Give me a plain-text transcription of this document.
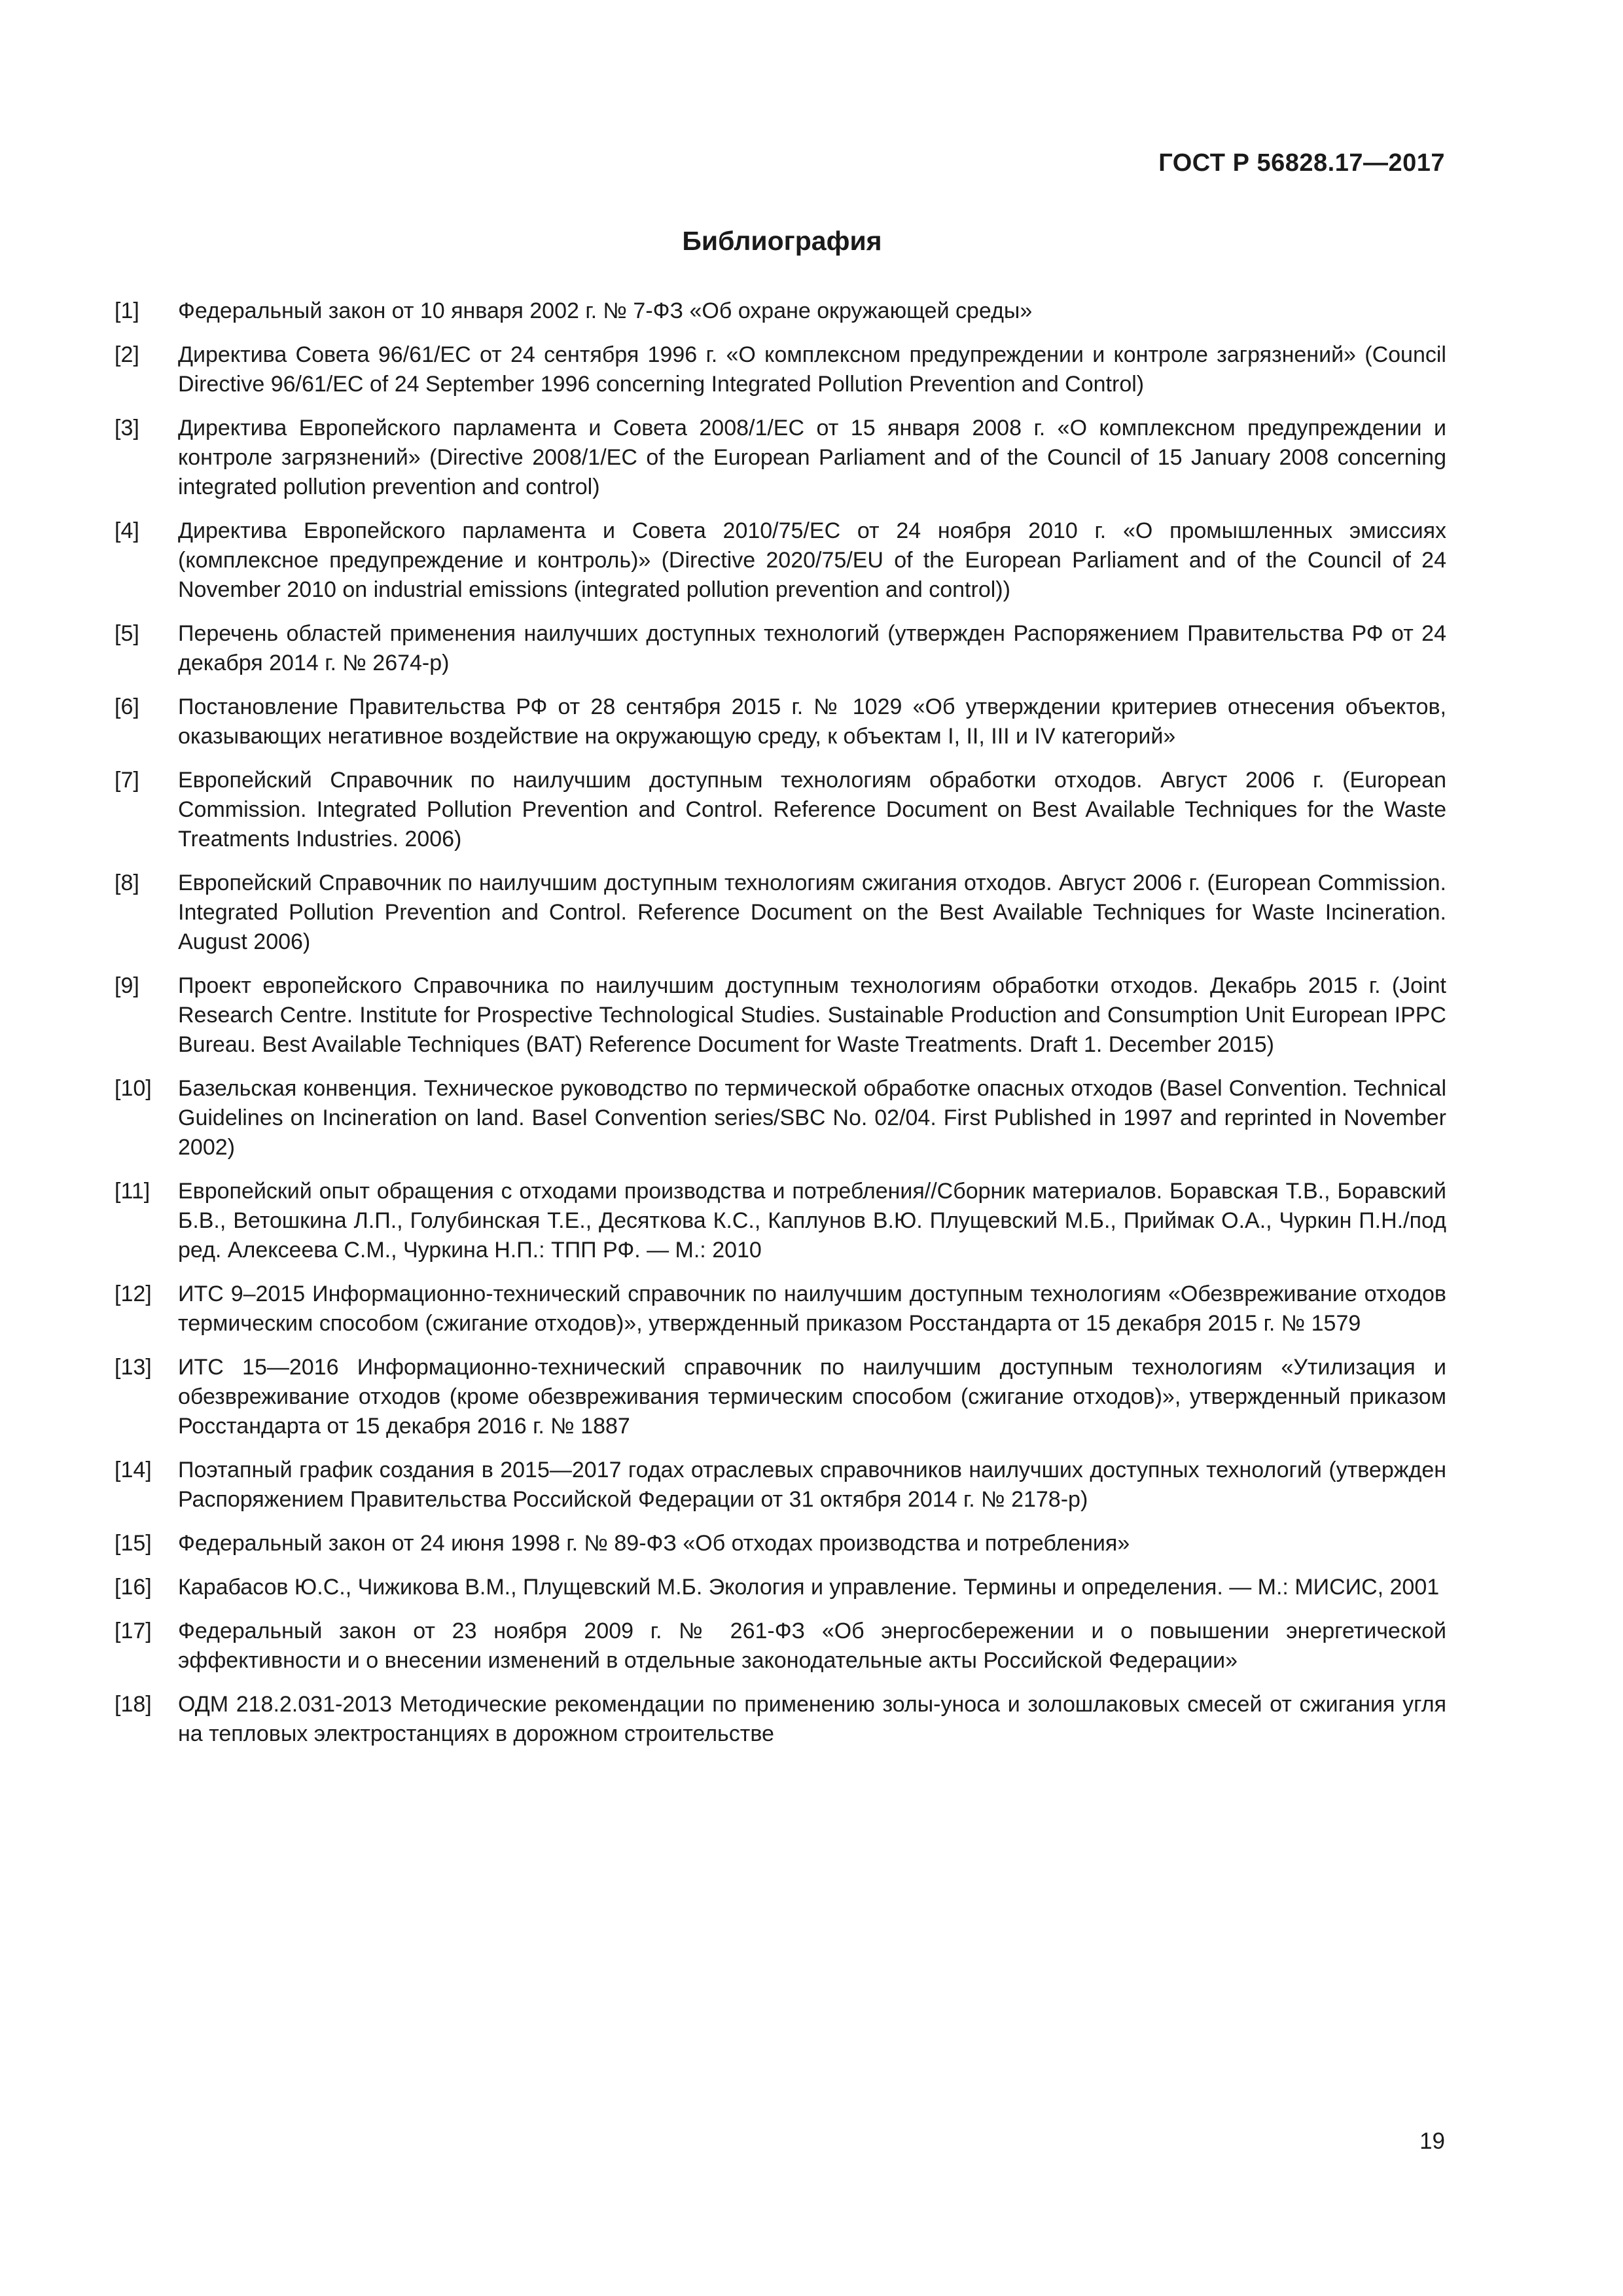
ГОСТ Р 56828.17—2017
Библиография
[1]	Федеральный закон от 10 января 2002 г. № 7-ФЗ «Об охране окружающей среды»
[2]	Директива Совета 96/61/ЕС от 24 сентября 1996 г. «О комплексном предупреждении и контроле загрязнений» (Council Directive 96/61/EC of 24 September 1996 concerning Integrated Pollution Prevention and Control)
[3]	Директива Европейского парламента и Совета 2008/1/ЕС от 15 января 2008 г. «О комплексном предупреждении и контроле загрязнений» (Directive 2008/1/EC of the European Parliament and of the Council of 15 January 2008 concerning integrated pollution prevention and control)
[4]	Директива Европейского парламента и Совета 2010/75/ЕС от 24 ноября 2010 г. «О промышленных эмиссиях (комплексное предупреждение и контроль)» (Directive 2020/75/EU of the European Parliament and of the Council of 24 November 2010 on industrial emissions (integrated pollution prevention and control))
[5]	Перечень областей применения наилучших доступных технологий (утвержден Распоряжением Правительства РФ от 24 декабря 2014 г. № 2674-р)
[6]	Постановление Правительства РФ от 28 сентября 2015 г. № 1029 «Об утверждении критериев отнесения объектов, оказывающих негативное воздействие на окружающую среду, к объектам I, II, III и IV категорий»
[7]	Европейский Справочник по наилучшим доступным технологиям обработки отходов. Август 2006 г. (European Commission. Integrated Pollution Prevention and Control. Reference Document on Best Available Techniques for the Waste Treatments Industries. 2006)
[8]	Европейский Справочник по наилучшим доступным технологиям сжигания отходов. Август 2006 г. (European Commission. Integrated Pollution Prevention and Control. Reference Document on the Best Available Techniques for Waste Incineration. August 2006)
[9]	Проект европейского Справочника по наилучшим доступным технологиям обработки отходов. Декабрь 2015 г. (Joint Research Centre. Institute for Prospective Technological Studies. Sustainable Production and Consumption Unit European IPPC Bureau. Best Available Techniques (BAT) Reference Document for Waste Treatments. Draft 1. December 2015)
[10]	Базельская конвенция. Техническое руководство по термической обработке опасных отходов (Basel Convention. Technical Guidelines on Incineration on land. Basel Convention series/SBC No. 02/04. First Published in 1997 and reprinted in November 2002)
[11]	Европейский опыт обращения с отходами производства и потребления//Сборник материалов. Боравская Т.В., Боравский Б.В., Ветошкина Л.П., Голубинская Т.Е., Десяткова К.С., Каплунов В.Ю. Плущевский М.Б., Приймак О.А., Чуркин П.Н./под ред. Алексеева С.М., Чуркина Н.П.: ТПП РФ. — М.: 2010
[12]	ИТС 9–2015 Информационно-технический справочник по наилучшим доступным технологиям «Обезвреживание отходов термическим способом (сжигание отходов)», утвержденный приказом Росстандарта от 15 декабря 2015 г. № 1579
[13]	ИТС 15—2016 Информационно-технический справочник по наилучшим доступным технологиям «Утилизация и обезвреживание отходов (кроме обезвреживания термическим способом (сжигание отходов)», утвержденный приказом Росстандарта от 15 декабря 2016 г. № 1887
[14]	Поэтапный график создания в 2015—2017 годах отраслевых справочников наилучших доступных технологий (утвержден Распоряжением Правительства Российской Федерации от 31 октября 2014 г. № 2178-р)
[15]	Федеральный закон от 24 июня 1998 г. № 89-ФЗ «Об отходах производства и потребления»
[16]	Карабасов Ю.С., Чижикова В.М., Плущевский М.Б. Экология и управление. Термины и определения. — М.: МИСИС, 2001
[17]	Федеральный закон от 23 ноября 2009 г. № 261-ФЗ «Об энергосбережении и о повышении энергетической эффективности и о внесении изменений в отдельные законодательные акты Российской Федерации»
[18]	ОДМ 218.2.031-2013 Методические рекомендации по применению золы-уноса и золошлаковых смесей от сжигания угля на тепловых электростанциях в дорожном строительстве
19
